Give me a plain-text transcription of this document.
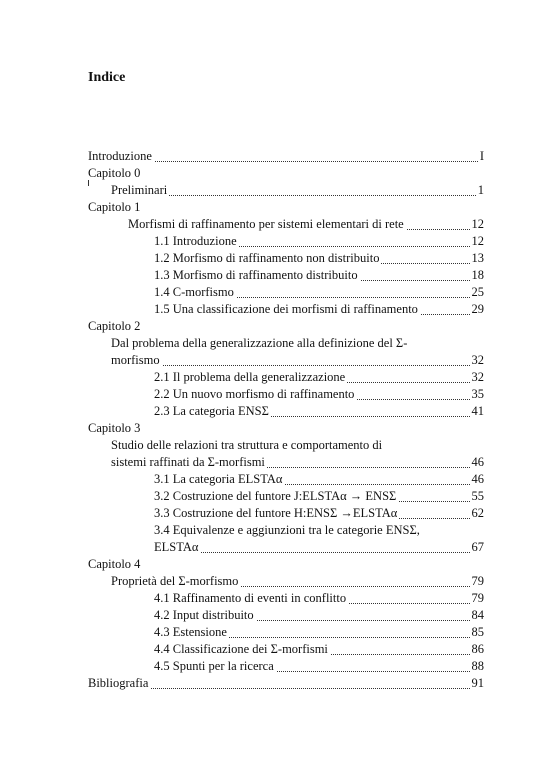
Indice
Introduzione	I
Capitolo 0
Preliminari	1
Capitolo 1
Morfismi di raffinamento per sistemi elementari di rete	12
1.1 Introduzione	12
1.2 Morfismo di raffinamento non distribuito	13
1.3 Morfismo di raffinamento distribuito	18
1.4 C-morfismo	25
1.5 Una classificazione dei morfismi di raffinamento	29
Capitolo 2
Dal problema della generalizzazione alla definizione del Σ-
morfismo	32
2.1 Il problema della generalizzazione	32
2.2 Un nuovo morfismo di raffinamento	35
2.3 La categoria ENSΣ	41
Capitolo 3
Studio delle relazioni tra struttura e comportamento di
sistemi raffinati da Σ-morfismi	46
3.1 La categoria ELSTAα	46
3.2 Costruzione del funtore J:ELSTAα → ENSΣ	55
3.3 Costruzione del funtore H:ENSΣ →ELSTAα	62
3.4 Equivalenze e aggiunzioni tra le categorie ENSΣ,
ELSTAα	67
Capitolo 4
Proprietà del Σ-morfismo	79
4.1 Raffinamento di eventi in conflitto	79
4.2 Input distribuito	84
4.3 Estensione	85
4.4 Classificazione dei Σ-morfismi	86
4.5 Spunti per la ricerca	88
Bibliografia	91
